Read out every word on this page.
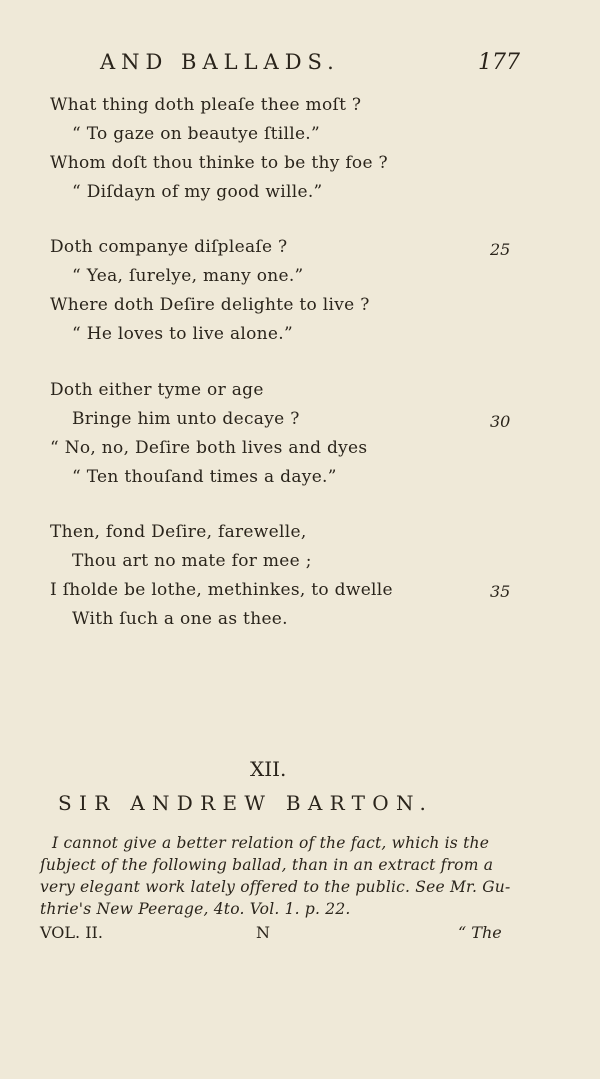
AND BALLADS.	177
What thing doth pleaſe thee moſt ?
“ To gaze on beautye ſtille.”
Whom doſt thou thinke to be thy foe ?
“ Diſdayn of my good wille.”
Doth companye diſpleaſe ?
“ Yea, ſurelye, many one.”
Where doth Deſire delighte to live ?
“ He loves to live alone.”
25
Doth either tyme or age
Bringe him unto decaye ?
“ No, no, Deſire both lives and dyes
“ Ten thouſand times a daye.”
30
Then, fond Deſire, farewelle,
Thou art no mate for mee ;
I ſholde be lothe, methinkes, to dwelle
With ſuch a one as thee.
35
XII.
SIR ANDREW BARTON.
I cannot give a better relation of the fact, which is the
ſubject of the following ballad, than in an extract from a
very elegant work lately offered to the public. See Mr. Gu-
thrie's New Peerage, 4to. Vol. 1. p. 22.
VOL. II.	N	“ The
